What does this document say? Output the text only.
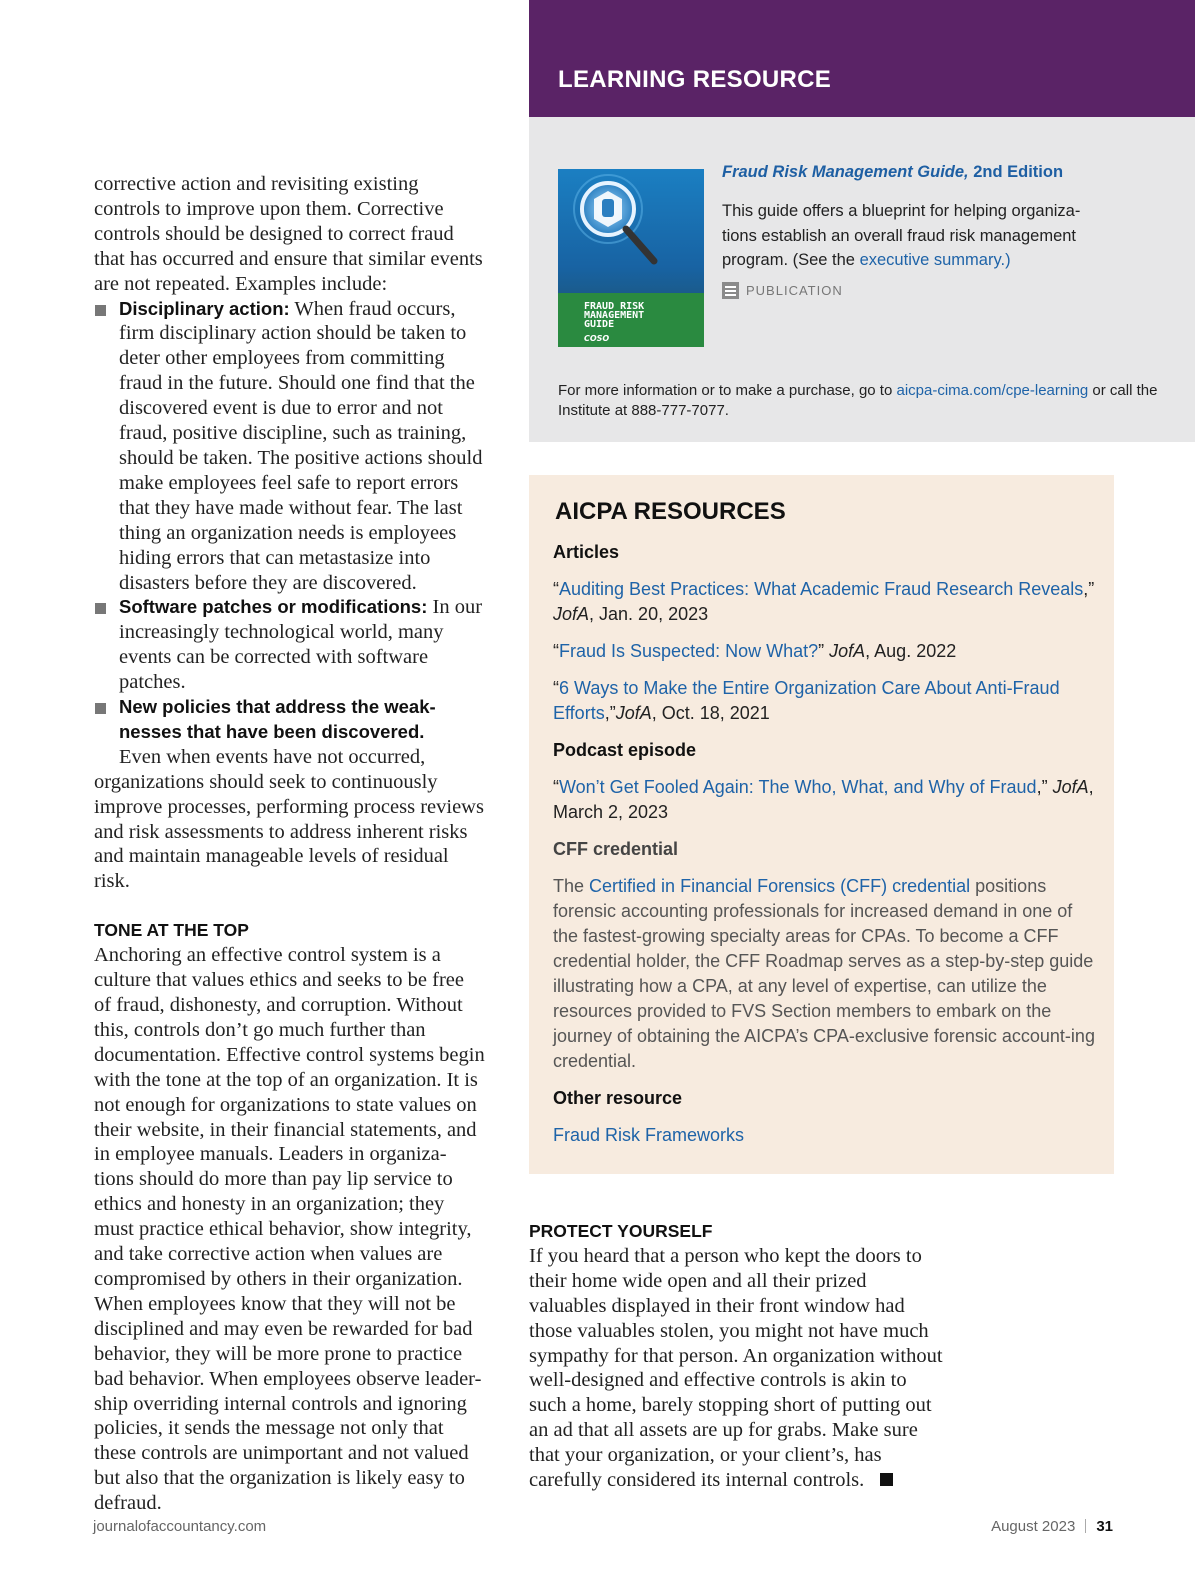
corrective action and revisiting existing controls to improve upon them. Corrective controls should be designed to correct fraud that has occurred and ensure that similar events are not repeated. Examples include:

Disciplinary action: When fraud occurs, firm disciplinary action should be taken to deter other employees from committing fraud in the future. Should one find that the discovered event is due to error and not fraud, positive discipline, such as training, should be taken. The positive actions should make employees feel safe to report errors that they have made without fear. The last thing an organization needs is employees hiding errors that can metastasize into disasters before they are discovered.

Software patches or modifications: In our increasingly technological world, many events can be corrected with software patches.

New policies that address the weak-nesses that have been discovered.

Even when events have not occurred, organizations should seek to continuously improve processes, performing process reviews and risk assessments to address inherent risks and maintain manageable levels of residual risk.

TONE AT THE TOP

Anchoring an effective control system is a culture that values ethics and seeks to be free of fraud, dishonesty, and corruption. Without this, controls don’t go much further than documentation. Effective control systems begin with the tone at the top of an organization. It is not enough for organizations to state values on their website, in their financial statements, and in employee manuals. Leaders in organiza-tions should do more than pay lip service to ethics and honesty in an organization; they must practice ethical behavior, show integrity, and take corrective action when values are compromised by others in their organization. When employees know that they will not be disciplined and may even be rewarded for bad behavior, they will be more prone to practice bad behavior. When employees observe leader-ship overriding internal controls and ignoring policies, it sends the message not only that these controls are unimportant and not valued but also that the organization is likely easy to defraud.

LEARNING RESOURCE
FRAUD RISK MANAGEMENT GUIDE
COSO
Fraud Risk Management Guide, 2nd Edition
This guide offers a blueprint for helping organiza-tions establish an overall fraud risk management program. (See the executive summary.)
PUBLICATION
For more information or to make a purchase, go to aicpa-cima.com/cpe-learning or call the Institute at 888-777-7077.
AICPA RESOURCES
Articles
“Auditing Best Practices: What Academic Fraud Research Reveals,” JofA, Jan. 20, 2023
“Fraud Is Suspected: Now What?” JofA, Aug. 2022
“6 Ways to Make the Entire Organization Care About Anti-Fraud Efforts,”JofA, Oct. 18, 2021
Podcast episode
“Won’t Get Fooled Again: The Who, What, and Why of Fraud,” JofA, March 2, 2023
CFF credential
The Certified in Financial Forensics (CFF) credential positions forensic accounting professionals for increased demand in one of the fastest-growing specialty areas for CPAs. To become a CFF credential holder, the CFF Roadmap serves as a step-by-step guide illustrating how a CPA, at any level of expertise, can utilize the resources provided to FVS Section members to embark on the journey of obtaining the AICPA’s CPA-exclusive forensic account-ing credential.
Other resource
Fraud Risk Frameworks

PROTECT YOURSELF

If you heard that a person who kept the doors to their home wide open and all their prized valuables displayed in their front window had those valuables stolen, you might not have much sympathy for that person. An organization without well-designed and effective controls is akin to such a home, barely stopping short of putting out an ad that all assets are up for grabs. Make sure that your organization, or your client’s, has carefully considered its internal controls.

journalofaccountancy.com	August 2023 31
